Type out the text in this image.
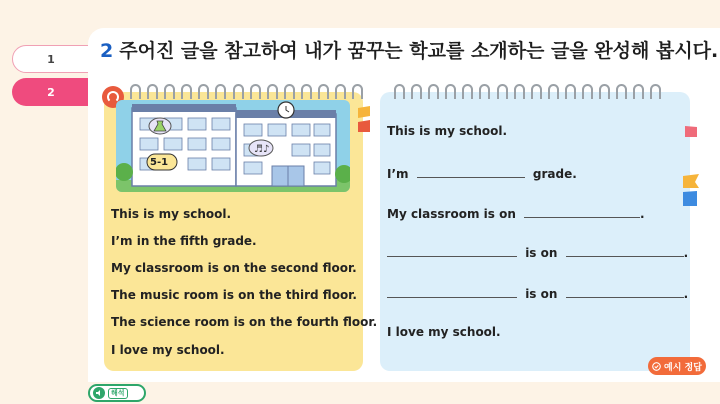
1
2
2 주어진 글을 참고하여 내가 꿈꾸는 학교를 소개하는 글을 완성해 봅시다.
♬♪
5-1
This is my school.
I’m in the fifth grade.
My classroom is on the second floor.
The music room is on the third floor.
The science room is on the fourth floor.
I love my school.
This is my school.
I’m	grade.
My classroom is on	.
is on	.
is on	.
I love my school.
예시 정답
해석
